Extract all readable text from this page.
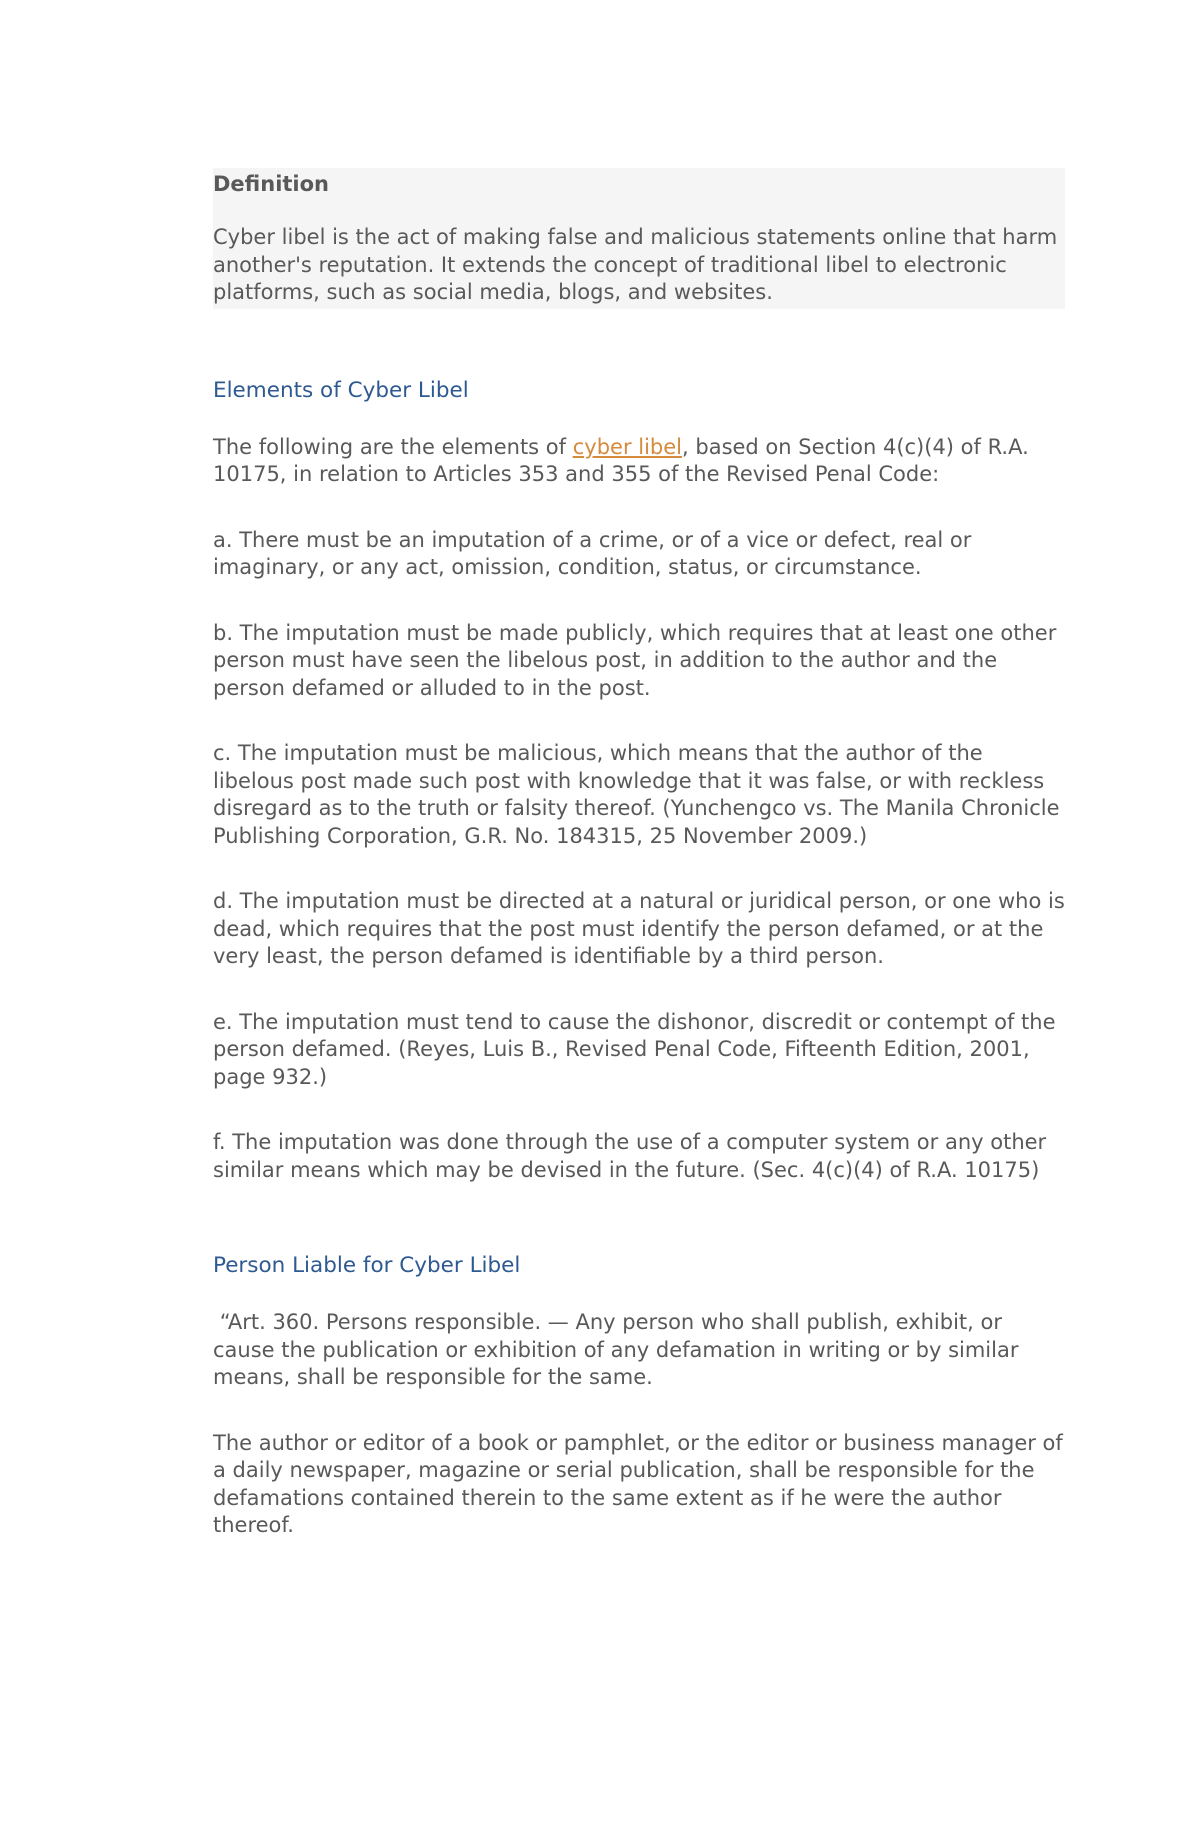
Definition

Cyber libel is the act of making false and malicious statements online that harm another's reputation. It extends the concept of traditional libel to electronic platforms, such as social media, blogs, and websites.

Elements of Cyber Libel

The following are the elements of cyber libel, based on Section 4(c)(4) of R.A. 10175, in relation to Articles 353 and 355 of the Revised Penal Code:

a. There must be an imputation of a crime, or of a vice or defect, real or imaginary, or any act, omission, condition, status, or circumstance.

b. The imputation must be made publicly, which requires that at least one other person must have seen the libelous post, in addition to the author and the person defamed or alluded to in the post.

c. The imputation must be malicious, which means that the author of the libelous post made such post with knowledge that it was false, or with reckless disregard as to the truth or falsity thereof. (Yunchengco vs. The Manila Chronicle Publishing Corporation, G.R. No. 184315, 25 November 2009.)

d. The imputation must be directed at a natural or juridical person, or one who is dead, which requires that the post must identify the person defamed, or at the very least, the person defamed is identifiable by a third person.

e. The imputation must tend to cause the dishonor, discredit or contempt of the person defamed. (Reyes, Luis B., Revised Penal Code, Fifteenth Edition, 2001, page 932.)

f. The imputation was done through the use of a computer system or any other similar means which may be devised in the future. (Sec. 4(c)(4) of R.A. 10175)

Person Liable for Cyber Libel

“Art. 360. Persons responsible. — Any person who shall publish, exhibit, or cause the publication or exhibition of any defamation in writing or by similar means, shall be responsible for the same.

The author or editor of a book or pamphlet, or the editor or business manager of a daily newspaper, magazine or serial publication, shall be responsible for the defamations contained therein to the same extent as if he were the author thereof.
